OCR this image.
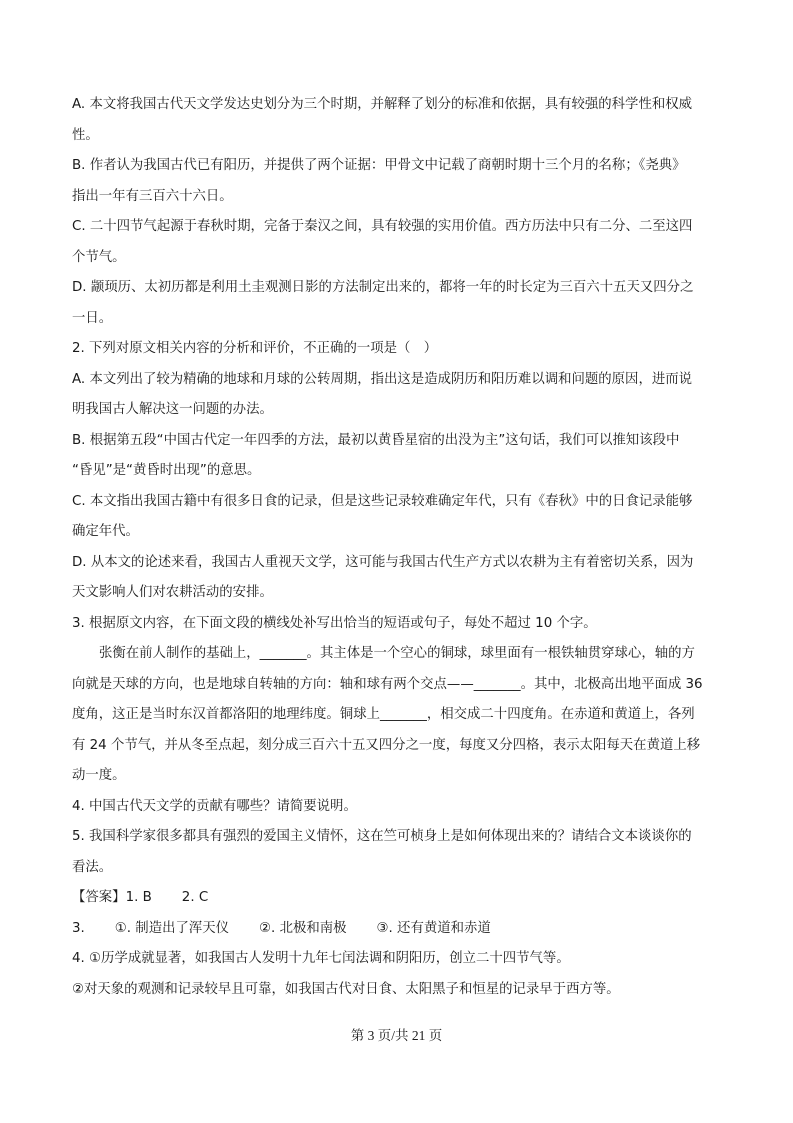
A. 本文将我国古代天文学发达史划分为三个时期，并解释了划分的标准和依据，具有较强的科学性和权威
性。
B. 作者认为我国古代已有阳历，并提供了两个证据：甲骨文中记载了商朝时期十三个月的名称；《尧典》
指出一年有三百六十六日。
C. 二十四节气起源于春秋时期，完备于秦汉之间，具有较强的实用价值。西方历法中只有二分、二至这四
个节气。
D. 颛顼历、太初历都是利用土圭观测日影的方法制定出来的，都将一年的时长定为三百六十五天又四分之
一日。
2. 下列对原文相关内容的分析和评价，不正确的一项是（　）
A. 本文列出了较为精确的地球和月球的公转周期，指出这是造成阴历和阳历难以调和问题的原因，进而说
明我国古人解决这一问题的办法。
B. 根据第五段“中国古代定一年四季的方法，最初以黄昏星宿的出没为主”这句话，我们可以推知该段中
“昏见”是“黄昏时出现”的意思。
C. 本文指出我国古籍中有很多日食的记录，但是这些记录较难确定年代，只有《春秋》中的日食记录能够
确定年代。
D. 从本文的论述来看，我国古人重视天文学，这可能与我国古代生产方式以农耕为主有着密切关系，因为
天文影响人们对农耕活动的安排。
3. 根据原文内容，在下面文段的横线处补写出恰当的短语或句子，每处不超过 10 个字。
张衡在前人制作的基础上，_______。其主体是一个空心的铜球，球里面有一根铁轴贯穿球心，轴的方
向就是天球的方向，也是地球自转轴的方向：轴和球有两个交点——_______。其中，北极高出地平面成 36
度角，这正是当时东汉首都洛阳的地理纬度。铜球上_______，相交成二十四度角。在赤道和黄道上，各列
有 24 个节气，并从冬至点起，刻分成三百六十五又四分之一度，每度又分四格，表示太阳每天在黄道上移
动一度。
4. 中国古代天文学的贡献有哪些？请简要说明。
5. 我国科学家很多都具有强烈的爱国主义情怀，这在竺可桢身上是如何体现出来的？请结合文本谈谈你的
看法。
【答案】1. B 2. C
3. ①. 制造出了浑天仪 ②. 北极和南极 ③. 还有黄道和赤道
4. ①历学成就显著，如我国古人发明十九年七闰法调和阴阳历，创立二十四节气等。
②对天象的观测和记录较早且可靠，如我国古代对日食、太阳黑子和恒星的记录早于西方等。
第 3 页/共 21 页
